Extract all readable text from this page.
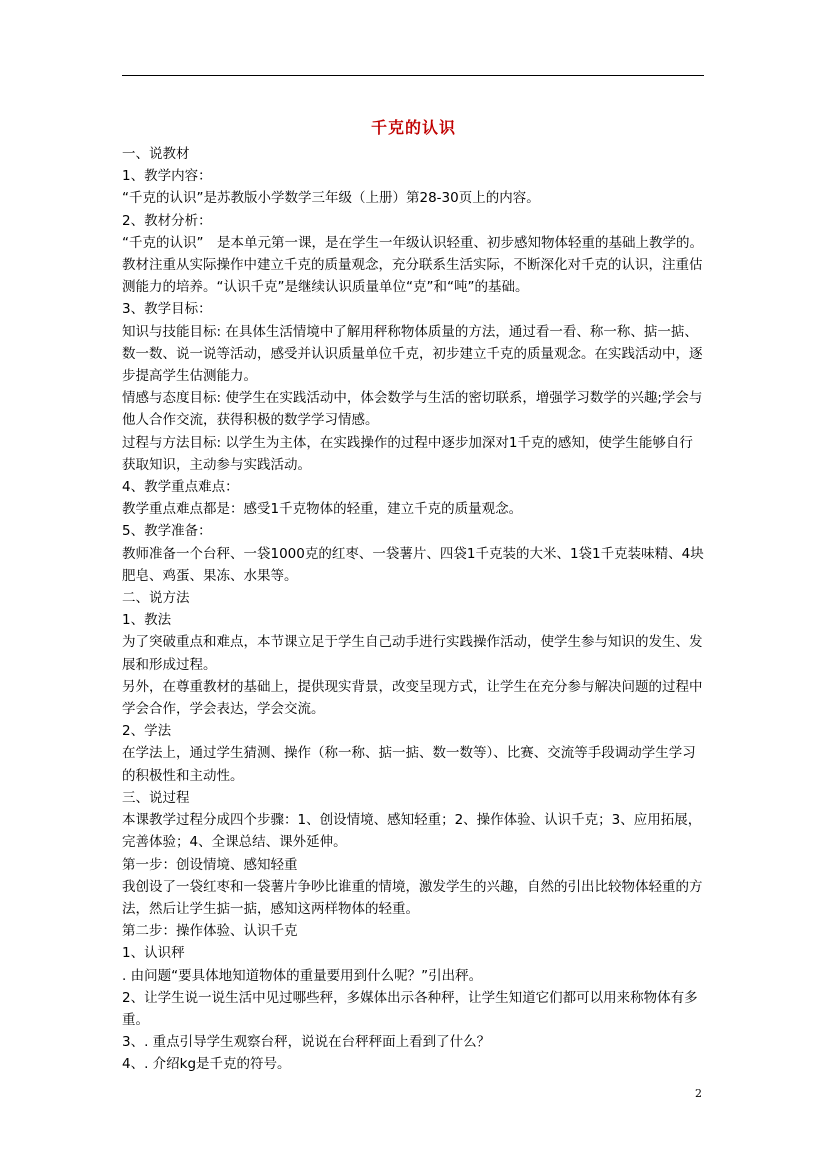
千克的认识

一、说教材

1、教学内容：

“千克的认识”是苏教版小学数学三年级（上册）第28-30页上的内容。

2、教材分析：

“千克的认识”　是本单元第一课，是在学生一年级认识轻重、初步感知物体轻重的基础上教学的。教材注重从实际操作中建立千克的质量观念，充分联系生活实际，不断深化对千克的认识，注重估测能力的培养。“认识千克”是继续认识质量单位“克”和“吨”的基础。

3、教学目标：

知识与技能目标: 在具体生活情境中了解用秤称物体质量的方法，通过看一看、称一称、掂一掂、数一数、说一说等活动，感受并认识质量单位千克，初步建立千克的质量观念。在实践活动中，逐步提高学生估测能力。

情感与态度目标: 使学生在实践活动中，体会数学与生活的密切联系，增强学习数学的兴趣;学会与他人合作交流，获得积极的数学学习情感。

过程与方法目标: 以学生为主体，在实践操作的过程中逐步加深对1千克的感知，使学生能够自行获取知识，主动参与实践活动。

4、教学重点难点：

教学重点难点都是：感受1千克物体的轻重，建立千克的质量观念。

5、教学准备：

教师准备一个台秤、一袋1000克的红枣、一袋薯片、四袋1千克装的大米、1袋1千克装味精、4块肥皂、鸡蛋、果冻、水果等。

二、说方法

1、教法

为了突破重点和难点，本节课立足于学生自己动手进行实践操作活动，使学生参与知识的发生、发展和形成过程。

另外，在尊重教材的基础上，提供现实背景，改变呈现方式，让学生在充分参与解决问题的过程中学会合作，学会表达，学会交流。

2、学法

在学法上，通过学生猜测、操作（称一称、掂一掂、数一数等）、比赛、交流等手段调动学生学习的积极性和主动性。

三、说过程

本课教学过程分成四个步骤：1、创设情境、感知轻重；2、操作体验、认识千克；3、应用拓展，完善体验；4、全课总结、课外延伸。

第一步：创设情境、感知轻重

我创设了一袋红枣和一袋薯片争吵比谁重的情境，激发学生的兴趣，自然的引出比较物体轻重的方法，然后让学生掂一掂，感知这两样物体的轻重。

第二步：操作体验、认识千克

1、认识秤

. 由问题“要具体地知道物体的重量要用到什么呢？”引出秤。

2、让学生说一说生活中见过哪些秤，多媒体出示各种秤，让学生知道它们都可以用来称物体有多重。

3、. 重点引导学生观察台秤，说说在台秤秤面上看到了什么？

4、. 介绍kg是千克的符号。

2
